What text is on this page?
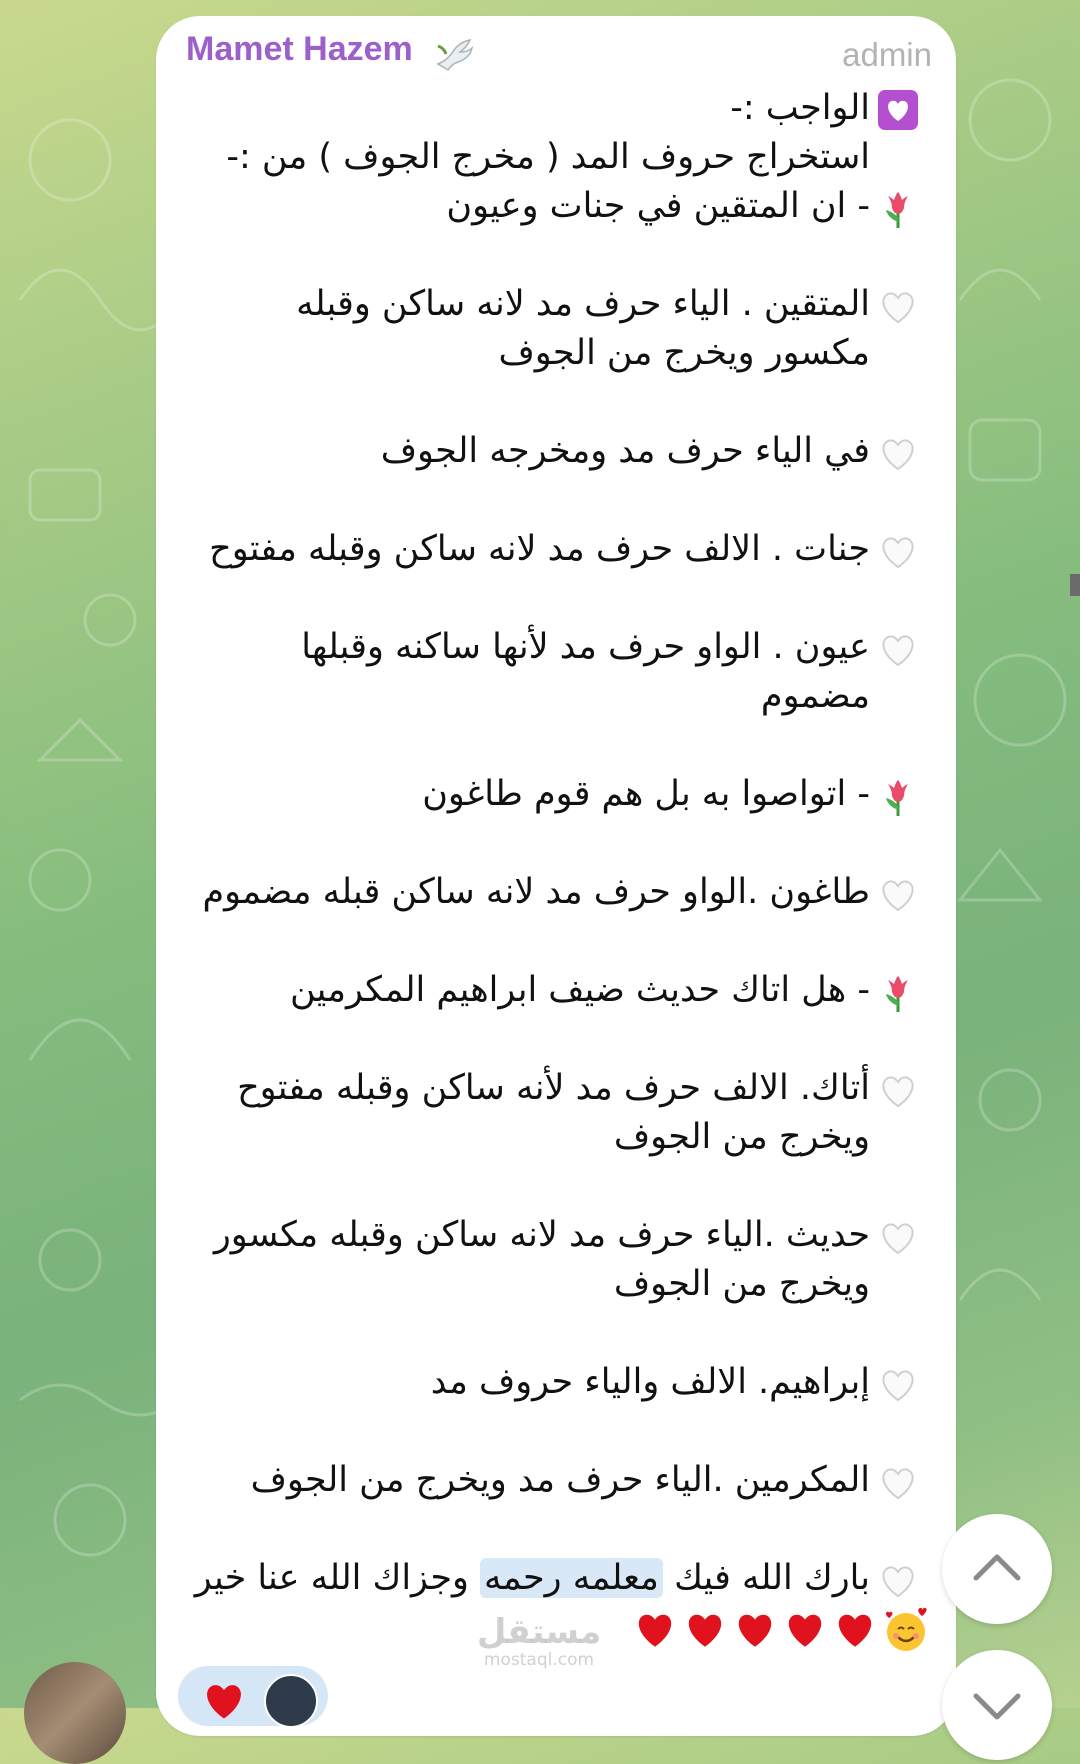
Mamet Hazem	admin
الواجب :-
استخراج حروف المد ( مخرج الجوف ) من :-
- ان المتقين في جنات وعيون
المتقين . الياء حرف مد لانه ساكن وقبله
مكسور ويخرج من الجوف
في الياء حرف مد ومخرجه الجوف
جنات . الالف حرف مد لانه ساكن وقبله مفتوح
عيون . الواو حرف مد لأنها ساكنه وقبلها
مضموم
- اتواصوا به بل هم قوم طاغون
طاغون .الواو حرف مد لانه ساكن قبله مضموم
- هل اتاك حديث ضيف ابراهيم المكرمين
أتاك. الالف حرف مد لأنه ساكن وقبله مفتوح
ويخرج من الجوف
حديث .الياء حرف مد لانه ساكن وقبله مكسور
ويخرج من الجوف
إبراهيم. الالف والياء حروف مد
المكرمين .الياء حرف مد ويخرج من الجوف
بارك الله فيك معلمه رحمه وجزاك الله عنا خير
مستقل
mostaql.com
